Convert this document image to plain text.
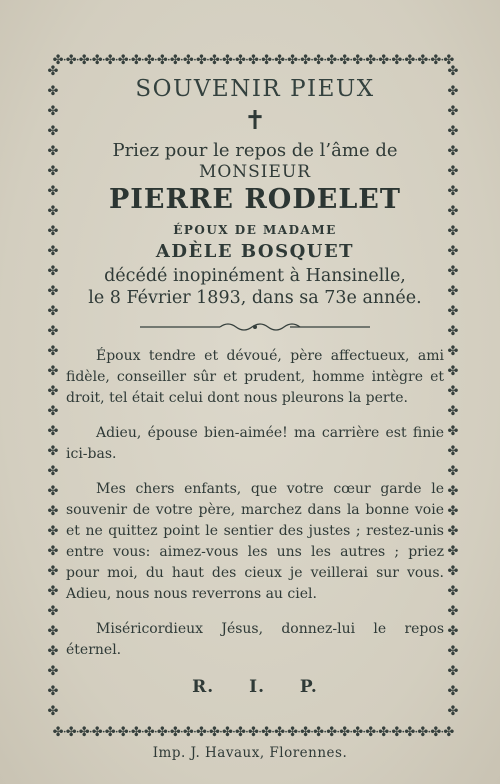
✤·✤·✤·✤·✤·✤·✤·✤·✤·✤·✤·✤·✤·✤·✤·✤·✤·✤·✤·✤·✤·✤·✤·✤·✤·✤·✤·✤·✤·✤·✤
✤·✤·✤·✤·✤·✤·✤·✤·✤·✤·✤·✤·✤·✤·✤·✤·✤·✤·✤·✤·✤·✤·✤·✤·✤·✤·✤·✤·✤·✤·✤
✤✤✤✤✤✤✤✤✤✤✤✤✤✤✤✤✤✤✤✤✤✤✤✤✤✤✤✤✤✤✤✤✤
✤✤✤✤✤✤✤✤✤✤✤✤✤✤✤✤✤✤✤✤✤✤✤✤✤✤✤✤✤✤✤✤✤
SOUVENIR PIEUX
✝
Priez pour le repos de l’âme de
MONSIEUR
PIERRE RODELET
ÉPOUX DE MADAME
ADÈLE BOSQUET
décédé inopinément à Hansinelle,
le 8 Février 1893, dans sa 73e année.

Époux tendre et dévoué, père affectueux, ami fidèle, conseiller sûr et prudent, homme intègre et droit, tel était celui dont nous pleurons la perte.

Adieu, épouse bien-aimée! ma carrière est finie ici-bas.

Mes chers enfants, que votre cœur garde le souvenir de votre père, marchez dans la bonne voie et ne quittez point le sentier des justes ; restez-unis entre vous: aimez-vous les uns les autres ; priez pour moi, du haut des cieux je veillerai sur vous. Adieu, nous nous reverrons au ciel.

Miséricordieux Jésus, donnez-lui le repos éternel.

R. I. P.
Imp. J. Havaux, Florennes.
